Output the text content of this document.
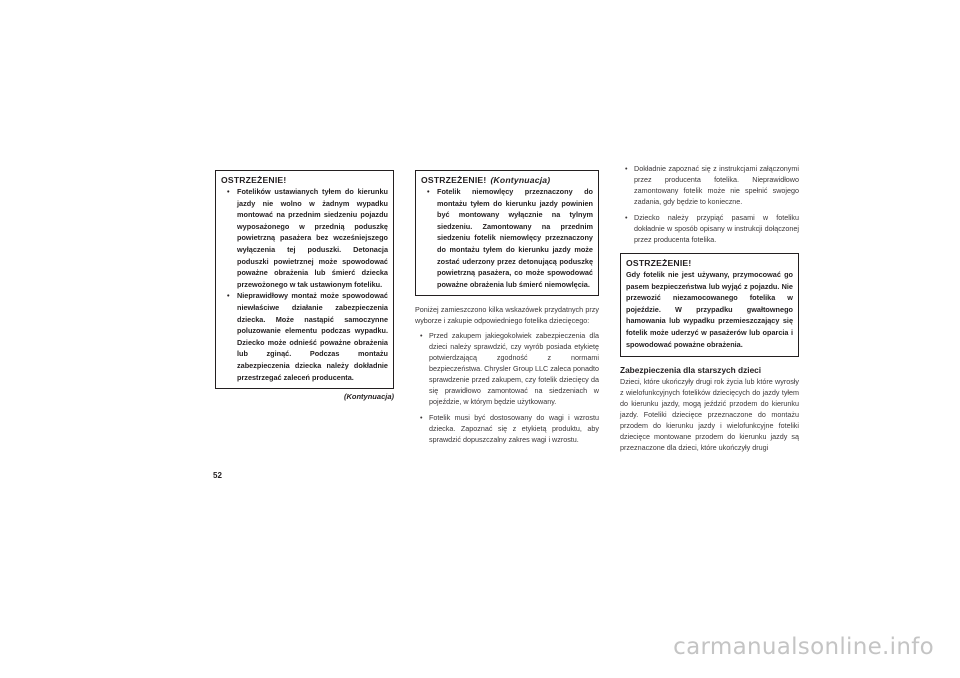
OSTRZEŻENIE!
• Fotelików ustawianych tyłem do kierunku jazdy nie wolno w żadnym wypadku montować na przednim siedzeniu pojazdu wyposażonego w przednią poduszkę powietrzną pasażera bez wcześniejszego wyłączenia tej poduszki. Detonacja poduszki powietrznej może spowodować poważne obrażenia lub śmierć dziecka przewożonego w tak ustawionym foteliku.
• Nieprawidłowy montaż może spowodować niewłaściwe działanie zabezpieczenia dziecka. Może nastąpić samoczynne poluzowanie elementu podczas wypadku. Dziecko może odnieść poważne obrażenia lub zginąć. Podczas montażu zabezpieczenia dziecka należy dokładnie przestrzegać zaleceń producenta.
(Kontynuacja)
OSTRZEŻENIE! (Kontynuacja)
• Fotelik niemowlęcy przeznaczony do montażu tyłem do kierunku jazdy powinien być montowany wyłącznie na tylnym siedzeniu. Zamontowany na przednim siedzeniu fotelik niemowlęcy przeznaczony do montażu tyłem do kierunku jazdy może zostać uderzony przez detonującą poduszkę powietrzną pasażera, co może spowodować poważne obrażenia lub śmierć niemowlęcia.
Poniżej zamieszczono kilka wskazówek przydatnych przy wyborze i zakupie odpowiedniego fotelika dziecięcego:
• Przed zakupem jakiegokolwiek zabezpieczenia dla dzieci należy sprawdzić, czy wyrób posiada etykietę potwierdzającą zgodność z normami bezpieczeństwa. Chrysler Group LLC zaleca ponadto sprawdzenie przed zakupem, czy fotelik dziecięcy da się prawidłowo zamontować na siedzeniach w pojeździe, w którym będzie użytkowany.
• Fotelik musi być dostosowany do wagi i wzrostu dziecka. Zapoznać się z etykietą produktu, aby sprawdzić dopuszczalny zakres wagi i wzrostu.
• Dokładnie zapoznać się z instrukcjami załączonymi przez producenta fotelika. Nieprawidłowo zamontowany fotelik może nie spełnić swojego zadania, gdy będzie to konieczne.
• Dziecko należy przypiąć pasami w foteliku dokładnie w sposób opisany w instrukcji dołączonej przez producenta fotelika.
OSTRZEŻENIE!
Gdy fotelik nie jest używany, przymocować go pasem bezpieczeństwa lub wyjąć z pojazdu. Nie przewozić niezamocowanego fotelika w pojeździe. W przypadku gwałtownego hamowania lub wypadku przemieszczający się fotelik może uderzyć w pasażerów lub oparcia i spowodować poważne obrażenia.
Zabezpieczenia dla starszych dzieci
Dzieci, które ukończyły drugi rok życia lub które wyrosły z wielofunkcyjnych fotelików dziecięcych do jazdy tyłem do kierunku jazdy, mogą jeździć przodem do kierunku jazdy. Foteliki dziecięce przeznaczone do montażu przodem do kierunku jazdy i wielofunkcyjne foteliki dziecięce montowane przodem do kierunku jazdy są przeznaczone dla dzieci, które ukończyły drugi
52
carmanualsonline.info
